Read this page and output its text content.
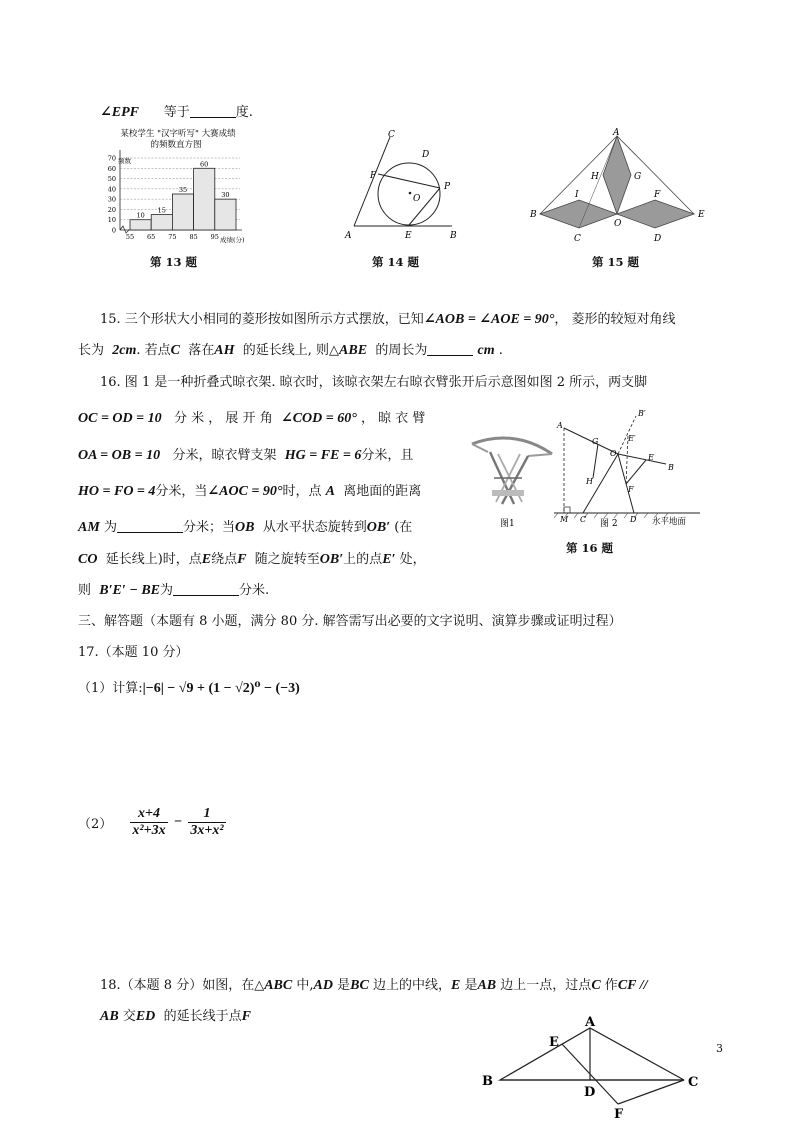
∠EPF 等于	度.
某校学生 "汉字听写" 大赛成绩
的频数直方图
频数
70
60
50
40
30
20
10
0
10
15
35
60
30
55 65 75 85 95 成绩(分)
第 13 题
C
D
F
P
O
A	E	B
第 14 题
A
H	G
I	F
B
O
E
C	D
第 15 题
15. 三个形状大小相同的菱形按如图所示方式摆放，已知∠AOB = ∠AOE = 90°， 菱形的较短对角线
长为 2cm. 若点C 落在AH 的延长线上, 则△ABE 的周长为	cm .
16. 图 1 是一种折叠式晾衣架. 晾衣时，该晾衣架左右晾衣臂张开后示意图如图 2 所示，两支脚
OC = OD = 10 分 米 ， 展 开 角 ∠COD = 60° ， 晾 衣 臂
OA = OB = 10 分米，晾衣臂支架 HG = FE = 6分米，且
HO = FO = 4分米，当∠AOC = 90°时，点 A 离地面的距离
AM 为	分米；当OB 从水平状态旋转到OB′ (在
CO 延长线上)时，点E绕点F 随之旋转至OB′上的点E′ 处，
则 B′E′ − BE为	分米.
图1
A
B′
G	E′
O	E
B
H
F
M C	D
图 2	水平地面
第 16 题
三、解答题（本题有 8 小题，满分 80 分. 解答需写出必要的文字说明、演算步骤或证明过程）
17.（本题 10 分）
（1）计算:|−6| − √9 + (1 − √2)⁰ − (−3)
$(2) \frac{x+4}{\text{x²+3x}} - \frac{1}{\text{3x+x²}}$
18.（本题 8 分）如图，在△ABC 中,AD 是BC 边上的中线，E 是AB 边上一点，过点C 作CF //
AB 交ED 的延长线于点F	A
E
B
D
C
F
3
